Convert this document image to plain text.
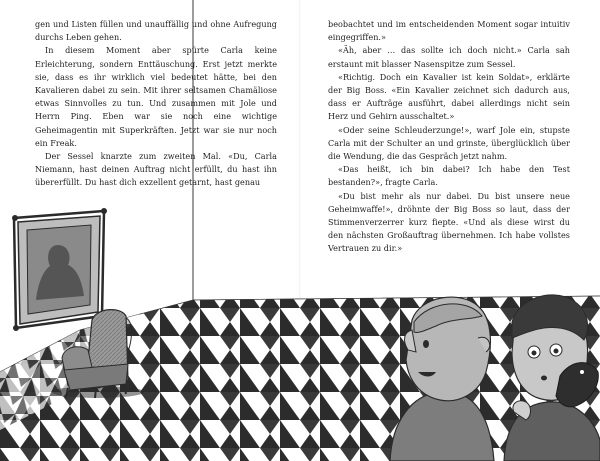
gen und Listen füllen und unauffällig und ohne Aufregung durchs Leben gehen.

In diesem Moment aber spürte Carla keine Erleichterung, sondern Enttäuschung. Erst jetzt merkte sie, dass es ihr wirklich viel bedeutet hätte, bei den Kavalieren dabei zu sein. Mit ihrer seltsamen Chamäliose etwas Sinnvolles zu tun. Und zusammen mit Jole und Herrn Ping. Eben war sie noch eine wichtige Geheimagentin mit Superkräften. Jetzt war sie nur noch ein Freak.

Der Sessel knarzte zum zweiten Mal. «Du, Carla Niemann, hast deinen Auftrag nicht erfüllt, du hast ihn übererfüllt. Du hast dich exzellent getarnt, hast genau

beobachtet und im entscheidenden Moment sogar intuitiv eingegriffen.»

«Äh, aber … das sollte ich doch nicht.» Carla sah erstaunt mit blasser Nasenspitze zum Sessel.

«Richtig. Doch ein Kavalier ist kein Soldat», erklärte der Big Boss. «Ein Kavalier zeichnet sich dadurch aus, dass er Aufträge ausführt, dabei allerdings nicht sein Herz und Gehirn ausschaltet.»

«Oder seine Schleuderzunge!», warf Jole ein, stupste Carla mit der Schulter an und grinste, überglücklich über die Wendung, die das Gespräch jetzt nahm.

«Das heißt, ich bin dabei? Ich habe den Test bestanden?», fragte Carla.

«Du bist mehr als nur dabei. Du bist unsere neue Geheimwaffe!», dröhnte der Big Boss so laut, dass der Stimmenverzerrer kurz fiepte. «Und als diese wirst du den nächsten Großauftrag übernehmen. Ich habe vollstes Vertrauen zu dir.»
